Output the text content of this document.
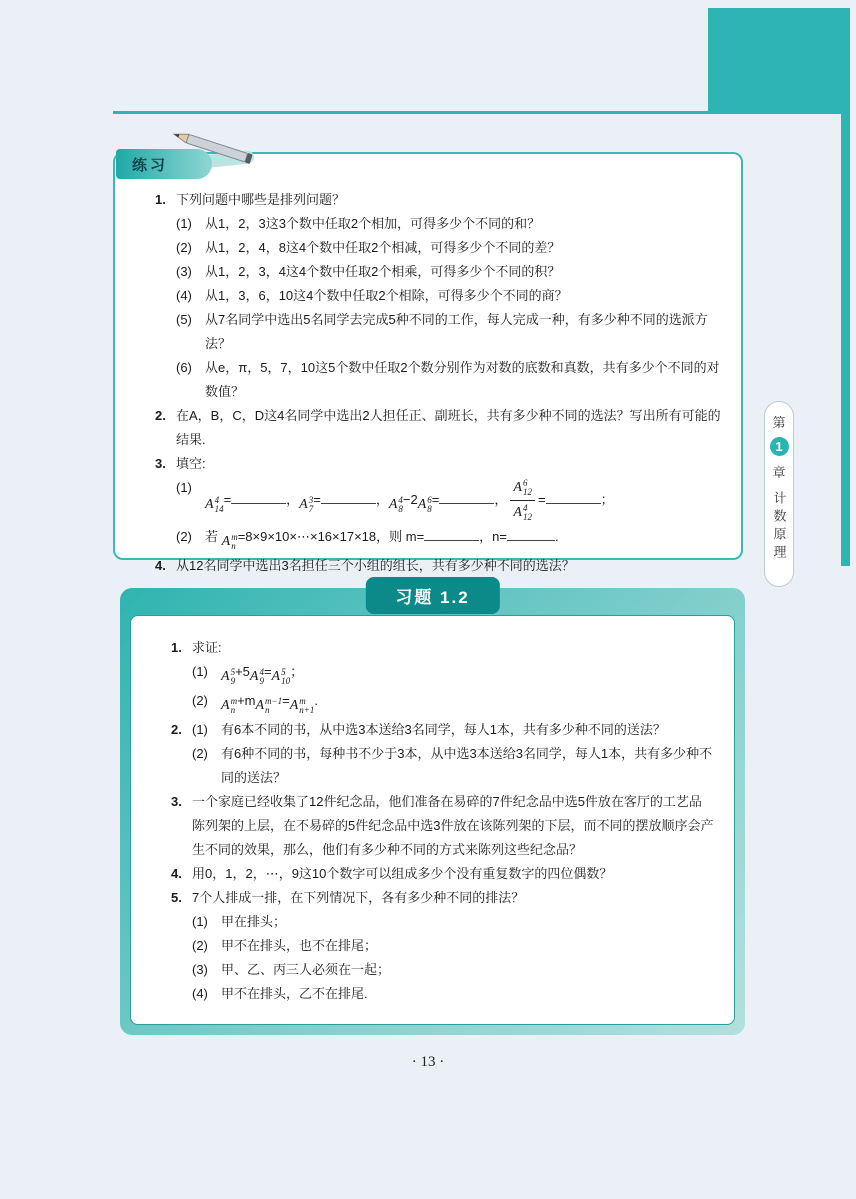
1. 下列问题中哪些是排列问题？
(1)	从1，2，3这3个数中任取2个相加，可得多少个不同的和？
(2)	从1，2，4，8这4个数中任取2个相减，可得多少个不同的差？
(3)	从1，2，3，4这4个数中任取2个相乘，可得多少个不同的积？
(4)	从1，3，6，10这4个数中任取2个相除，可得多少个不同的商？
(5)	从7名同学中选出5名同学去完成5种不同的工作，每人完成一种，有多少种不同的选派方法？
(6)	从e，π，5，7，10这5个数中任取2个数分别作为对数的底数和真数，共有多少个不同的对数值？
2. 在A，B，C，D这4名同学中选出2人担任正、副班长，共有多少种不同的选法？写出所有可能的结果.
3. 填空:
(1)
A 4
14
=	， A 3
7
=	， A 4
8
−2 A 6
8
=	， A 6
12
A 4
12 =	；
(2)	若 A m
n
=8×9×10×⋯×16×17×18，则 m=	，n=	.
4. 从12名同学中选出3名担任三个小组的组长，共有多少种不同的选法？
练习
习题 1.2
1. 求证:
(1) A 5
9
+5 A 4
9
= A 5
10
；
(2) A m
n
+m A m−1
n
= A m
n+1
.
2. (1)	有6本不同的书，从中选3本送给3名同学，每人1本，共有多少种不同的送法？
(2)	有6种不同的书，每种书不少于3本，从中选3本送给3名同学，每人1本，共有多少种不同的送法？
3. 一个家庭已经收集了12件纪念品，他们准备在易碎的7件纪念品中选5件放在客厅的工艺品陈列架的上层，在不易碎的5件纪念品中选3件放在该陈列架的下层，而不同的摆放顺序会产生不同的效果，那么，他们有多少种不同的方式来陈列这些纪念品？
4. 用0，1，2，⋯，9这10个数字可以组成多少个没有重复数字的四位偶数？
5. 7个人排成一排，在下列情况下，各有多少种不同的排法？
(1)	甲在排头；
(2)	甲不在排头，也不在排尾；
(3)	甲、乙、丙三人必须在一起；
(4)	甲不在排头，乙不在排尾.
第
1
章
计数原理
· 13 ·
